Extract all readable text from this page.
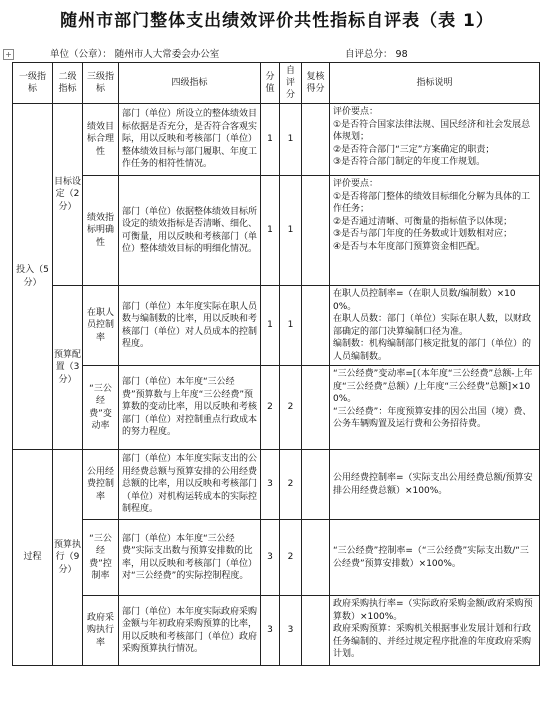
随州市部门整体支出绩效评价共性指标自评表（表 1）
+	单位（公章）： 随州市人大常委会办公室	自评总分： 98
一级指标	二级指标	三级指标	四级指标	分值	自评分	复核得分	指标说明
投入（5分）	目标设定（2分）	绩效目标合理性	部门（单位）所设立的整体绩效目标依据是否充分，是否符合客观实际，用以反映和考核部门（单位）整体绩效目标与部门履职、年度工作任务的相符性情况。	1	1		评价要点：
①是否符合国家法律法规、国民经济和社会发展总体规划；
②是否符合部门“三定”方案确定的职责；
③是否符合部门制定的年度工作规划。

		绩效指标明确性	部门（单位）依据整体绩效目标所设定的绩效指标是否清晰、细化、可衡量，用以反映和考核部门（单位）整体绩效目标的明细化情况。	1	1		评价要点：
①是否将部门整体的绩效目标细化分解为具体的工作任务；
②是否通过清晰、可衡量的指标值予以体现；
③是否与部门年度的任务数或计划数相对应；
④是否与本年度部门预算资金相匹配。

	预算配置（3分）	在职人员控制率	部门（单位）本年度实际在职人员数与编制数的比率，用以反映和考核部门（单位）对人员成本的控制程度。	1	1		在职人员控制率=（在职人员数/编制数）×100%。
在职人员数：部门（单位）实际在职人数，以财政部确定的部门决算编制口径为准。
编制数：机构编制部门核定批复的部门（单位）的人员编制数。

		“三公经费”变动率	部门（单位）本年度“三公经费”预算数与上年度“三公经费”预算数的变动比率，用以反映和考核部门（单位）对控制重点行政成本的努力程度。	2	2		“三公经费”变动率=[（本年度“三公经费”总额-上年度“三公经费”总额）/上年度“三公经费”总额]×100%。
“三公经费”：年度预算安排的因公出国（境）费、公务车辆购置及运行费和公务招待费。

过程	预算执行（9分）	公用经费控制率	部门（单位）本年度实际支出的公用经费总额与预算安排的公用经费总额的比率，用以反映和考核部门（单位）对机构运转成本的实际控制程度。	3	2		公用经费控制率=（实际支出公用经费总额/预算安排公用经费总额）×100%。

		“三公经费”控制率	部门（单位）本年度“三公经费”实际支出数与预算安排数的比率，用以反映和考核部门（单位）对“三公经费”的实际控制程度。	3	2		“三公经费”控制率=（“三公经费”实际支出数/“三公经费”预算安排数）×100%。

		政府采购执行率	部门（单位）本年度实际政府采购金额与年初政府采购预算的比率，用以反映和考核部门（单位）政府采购预算执行情况。	3	3		政府采购执行率=（实际政府采购金额/政府采购预算数）×100%。
政府采购预算：采购机关根据事业发展计划和行政任务编制的、并经过规定程序批准的年度政府采购计划。
